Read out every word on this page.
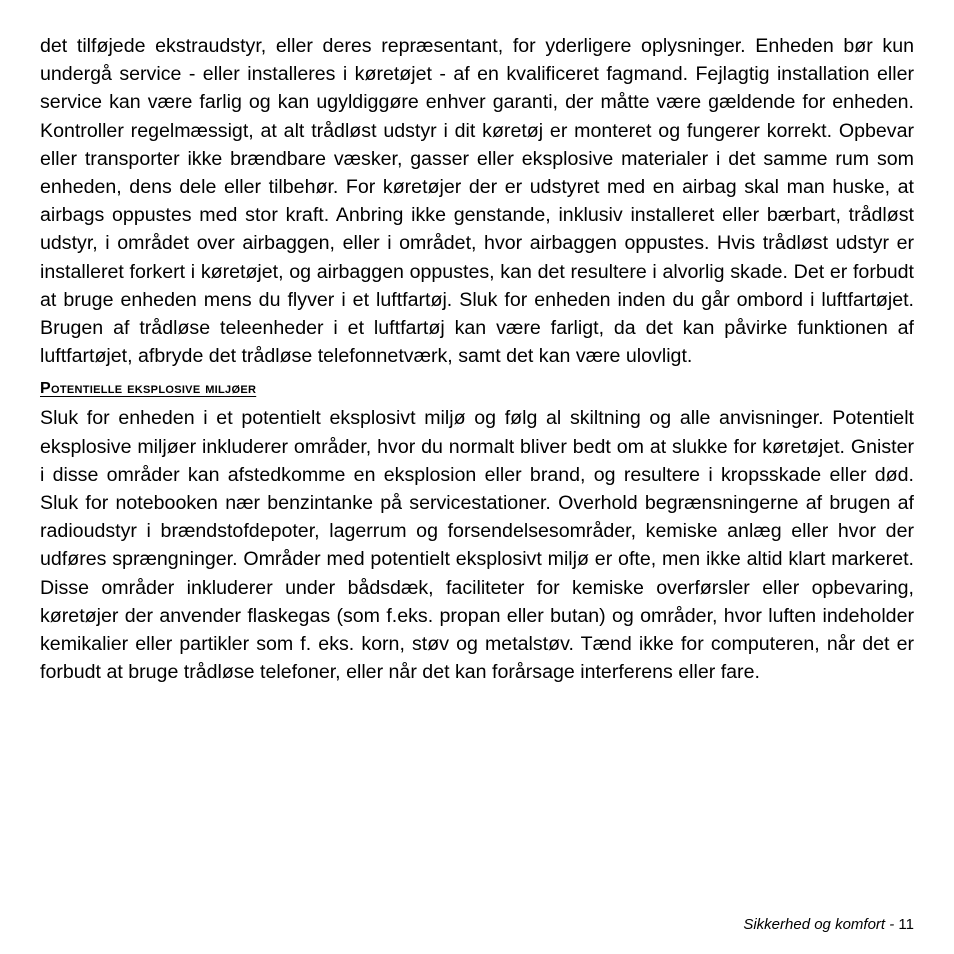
det tilføjede ekstraudstyr, eller deres repræsentant, for yderligere oplysninger. Enheden bør kun undergå service - eller installeres i køretøjet - af en kvalificeret fagmand. Fejlagtig installation eller service kan være farlig og kan ugyldiggøre enhver garanti, der måtte være gældende for enheden. Kontroller regelmæssigt, at alt trådløst udstyr i dit køretøj er monteret og fungerer korrekt. Opbevar eller transporter ikke brændbare væsker, gasser eller eksplosive materialer i det samme rum som enheden, dens dele eller tilbehør. For køretøjer der er udstyret med en airbag skal man huske, at airbags oppustes med stor kraft. Anbring ikke genstande, inklusiv installeret eller bærbart, trådløst udstyr, i området over airbaggen, eller i området, hvor airbaggen oppustes. Hvis trådløst udstyr er installeret forkert i køretøjet, og airbaggen oppustes, kan det resultere i alvorlig skade. Det er forbudt at bruge enheden mens du flyver i et luftfartøj. Sluk for enheden inden du går ombord i luftfartøjet. Brugen af trådløse teleenheder i et luftfartøj kan være farligt, da det kan påvirke funktionen af luftfartøjet, afbryde det trådløse telefonnetværk, samt det kan være ulovligt.

Potentielle eksplosive miljøer

Sluk for enheden i et potentielt eksplosivt miljø og følg al skiltning og alle anvisninger. Potentielt eksplosive miljøer inkluderer områder, hvor du normalt bliver bedt om at slukke for køretøjet. Gnister i disse områder kan afstedkomme en eksplosion eller brand, og resultere i kropsskade eller død. Sluk for notebooken nær benzintanke på servicestationer. Overhold begrænsningerne af brugen af radioudstyr i brændstofdepoter, lagerrum og forsendelsesområder, kemiske anlæg eller hvor der udføres sprængninger. Områder med potentielt eksplosivt miljø er ofte, men ikke altid klart markeret. Disse områder inkluderer under bådsdæk, faciliteter for kemiske overførsler eller opbevaring, køretøjer der anvender flaskegas (som f.eks. propan eller butan) og områder, hvor luften indeholder kemikalier eller partikler som f. eks. korn, støv og metalstøv. Tænd ikke for computeren, når det er forbudt at bruge trådløse telefoner, eller når det kan forårsage interferens eller fare.

Sikkerhed og komfort - 11
